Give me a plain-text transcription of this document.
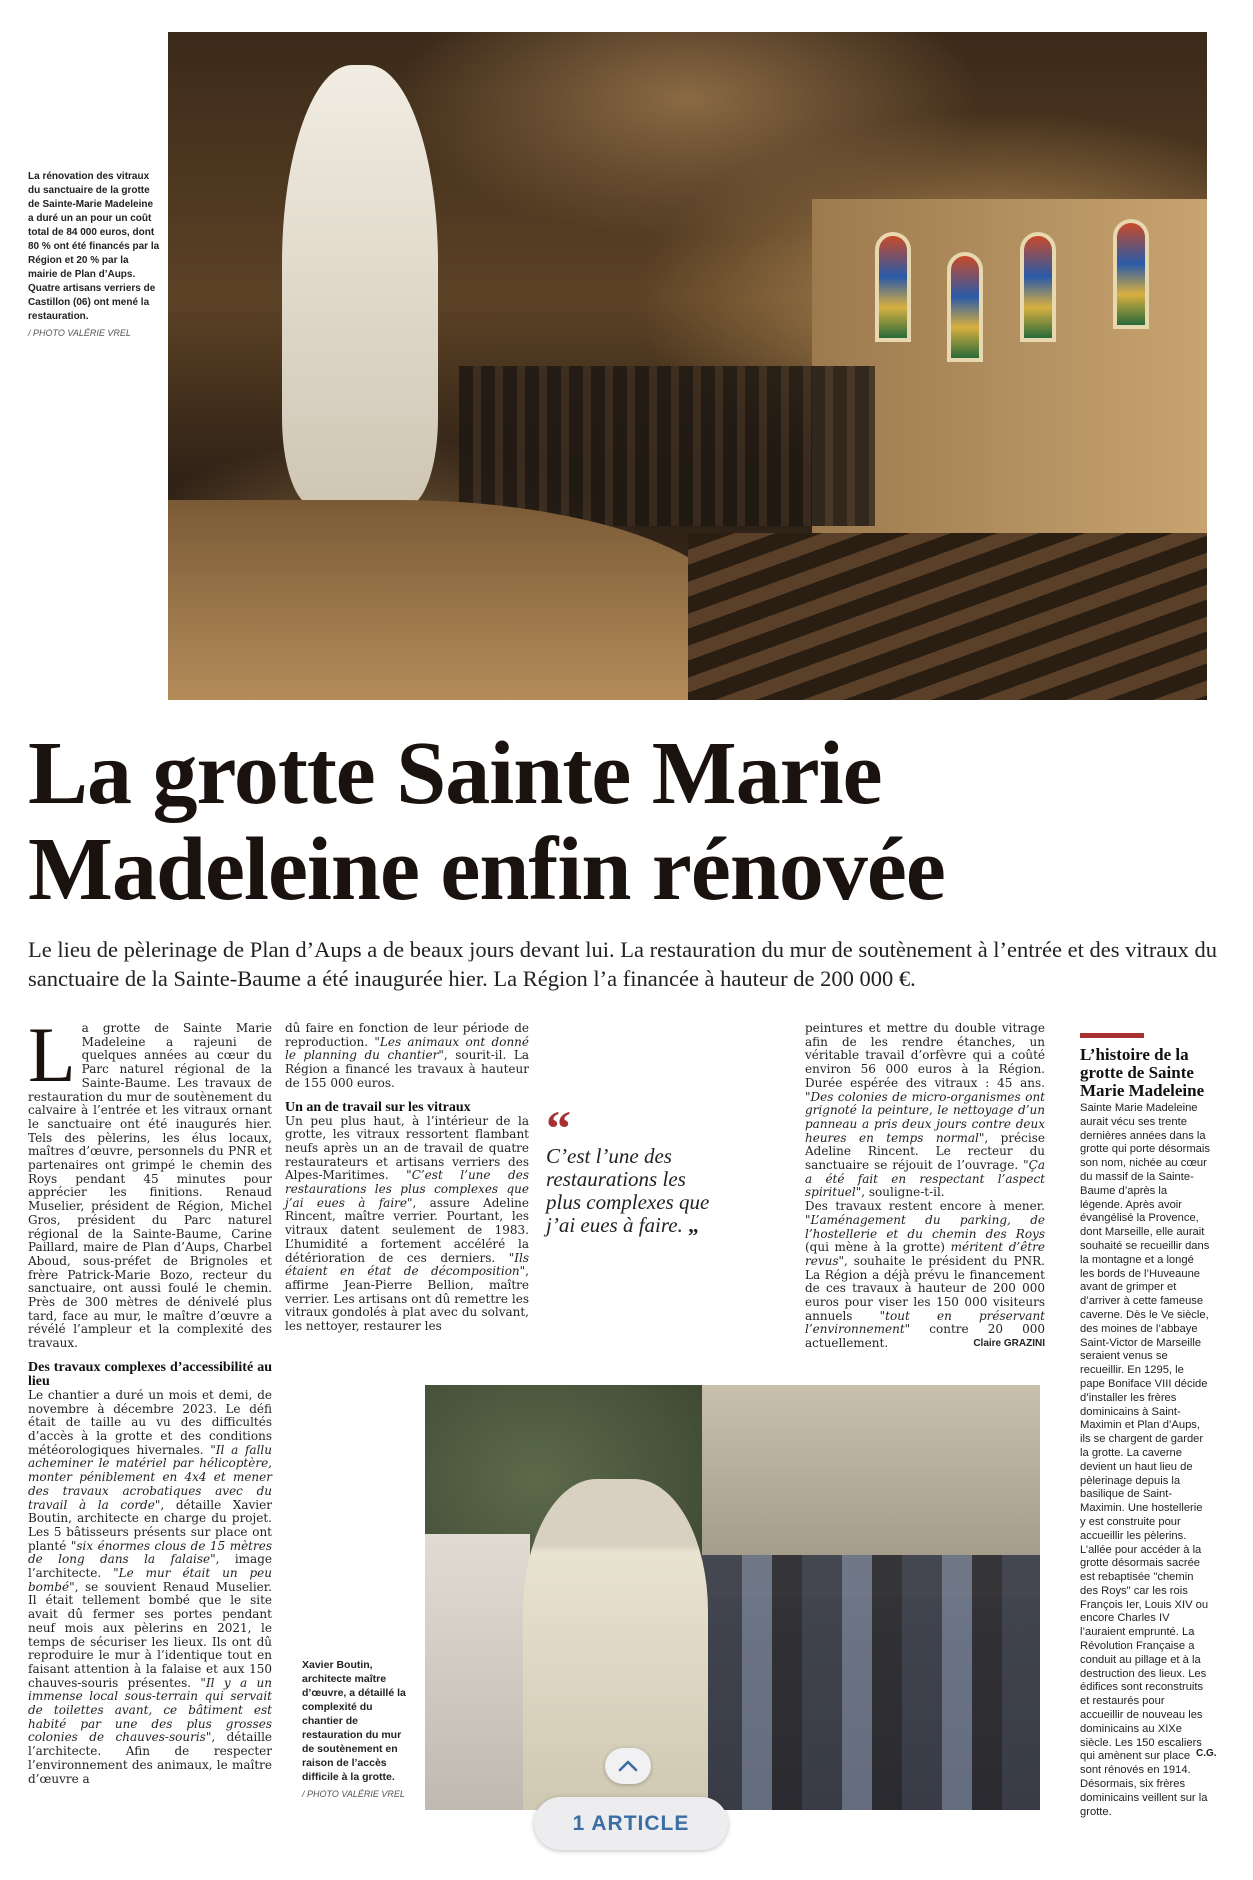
La rénovation des vitraux du sanctuaire de la grotte de Sainte-Marie Madeleine a duré un an pour un coût total de 84 000 euros, dont 80 % ont été financés par la Région et 20 % par la mairie de Plan d’Aups. Quatre artisans verriers de Castillon (06) ont mené la restauration.
/ PHOTO VALÉRIE VREL
La grotte Sainte Marie
Madeleine enfin rénovée

Le lieu de pèlerinage de Plan d’Aups a de beaux jours devant lui. La restauration du mur de soutènement à l’entrée et des vitraux du sanctuaire de la Sainte-Baume a été inaugurée hier. La Région l’a financée à hauteur de 200 000 €.

L a grotte de Sainte Marie Madeleine a rajeuni de quelques années au cœur du Parc naturel régional de la Sainte-Baume. Les travaux de restauration du mur de soutènement du calvaire à l’entrée et les vitraux ornant le sanctuaire ont été inaugurés hier. Tels des pèlerins, les élus locaux, maîtres d’œuvre, personnels du PNR et partenaires ont grimpé le chemin des Roys pendant 45 minutes pour apprécier les finitions. Renaud Muselier, président de Région, Michel Gros, président du Parc naturel régional de la Sainte-Baume, Carine Paillard, maire de Plan d’Aups, Charbel Aboud, sous-préfet de Brignoles et frère Patrick-Marie Bozo, recteur du sanctuaire, ont aussi foulé le chemin. Près de 300 mètres de dénivelé plus tard, face au mur, le maître d’œuvre a révélé l’ampleur et la complexité des travaux.

Des travaux complexes d’accessibilité au lieu

Le chantier a duré un mois et demi, de novembre à décembre 2023. Le défi était de taille au vu des difficultés d’accès à la grotte et des conditions météorologiques hivernales. "Il a fallu acheminer le matériel par hélicoptère, monter péniblement en 4x4 et mener des travaux acrobatiques avec du travail à la corde", détaille Xavier Boutin, architecte en charge du projet. Les 5 bâtisseurs présents sur place ont planté "six énormes clous de 15 mètres de long dans la falaise", image l’architecte. "Le mur était un peu bombé", se souvient Renaud Muselier. Il était tellement bombé que le site avait dû fermer ses portes pendant neuf mois aux pèlerins en 2021, le temps de sécuriser les lieux. Ils ont dû reproduire le mur à l’identique tout en faisant attention à la falaise et aux 150 chauves-souris présentes. "Il y a un immense local sous-terrain qui servait de toilettes avant, ce bâtiment est habité par une des plus grosses colonies de chauves-souris", détaille l’architecte. Afin de respecter l’environnement des animaux, le maître d’œuvre a

dû faire en fonction de leur période de reproduction. "Les animaux ont donné le planning du chantier", sourit-il. La Région a financé les travaux à hauteur de 155 000 euros.

Un an de travail sur les vitraux

Un peu plus haut, à l’intérieur de la grotte, les vitraux ressortent flambant neufs après un an de travail de quatre restaurateurs et artisans verriers des Alpes-Maritimes. "C’est l’une des restaurations les plus complexes que j’ai eues à faire", assure Adeline Rincent, maître verrier. Pourtant, les vitraux datent seulement de 1983. L’humidité a fortement accéléré la détérioration de ces derniers. "Ils étaient en état de décomposition", affirme Jean-Pierre Bellion, maître verrier. Les artisans ont dû remettre les vitraux gondolés à plat avec du solvant, les nettoyer, restaurer les

“
C’est l’une des restaurations les plus complexes que j’ai eues à faire. „

peintures et mettre du double vitrage afin de les rendre étanches, un véritable travail d’orfèvre qui a coûté environ 56 000 euros à la Région. Durée espérée des vitraux : 45 ans. "Des colonies de micro-organismes ont grignoté la peinture, le nettoyage d’un panneau a pris deux jours contre deux heures en temps normal", précise Adeline Rincent. Le recteur du sanctuaire se réjouit de l’ouvrage. "Ça a été fait en respectant l’aspect spirituel", souligne-t-il.

Des travaux restent encore à mener. "L’aménagement du parking, de l’hostellerie et du chemin des Roys (qui mène à la grotte) méritent d’être revus", souhaite le président du PNR. La Région a déjà prévu le financement de ces travaux à hauteur de 200 000 euros pour viser les 150 000 visiteurs annuels "tout en préservant l’environnement" contre 20 000 actuellement.	Claire GRAZINI

L’histoire de la grotte de Sainte Marie Madeleine
Sainte Marie Madeleine aurait vécu ses trente dernières années dans la grotte qui porte désormais son nom, nichée au cœur du massif de la Sainte-Baume d’après la légende. Après avoir évangélisé la Provence, dont Marseille, elle aurait souhaité se recueillir dans la montagne et a longé les bords de l’Huveaune avant de grimper et d’arriver à cette fameuse caverne. Dès le Ve siècle, des moines de l’abbaye Saint-Victor de Marseille seraient venus se recueillir. En 1295, le pape Boniface VIII décide d’installer les frères dominicains à Saint-Maximin et Plan d’Aups, ils se chargent de garder la grotte. La caverne devient un haut lieu de pèlerinage depuis la basilique de Saint-Maximin. Une hostellerie y est construite pour accueillir les pèlerins. L’allée pour accéder à la grotte désormais sacrée est rebaptisée "chemin des Roys" car les rois François Ier, Louis XIV ou encore Charles IV l’auraient emprunté. La Révolution Française a conduit au pillage et à la destruction des lieux. Les édifices sont reconstruits et restaurés pour accueillir de nouveau les dominicains au XIXe siècle. Les 150 escaliers qui amènent sur place sont rénovés en 1914. Désormais, six frères dominicains veillent sur la grotte.
C.G.
Xavier Boutin, architecte maître d’œuvre, a détaillé la complexité du chantier de restauration du mur de soutènement en raison de l’accès difficile à la grotte.
/ PHOTO VALÉRIE VREL
1 ARTICLE
